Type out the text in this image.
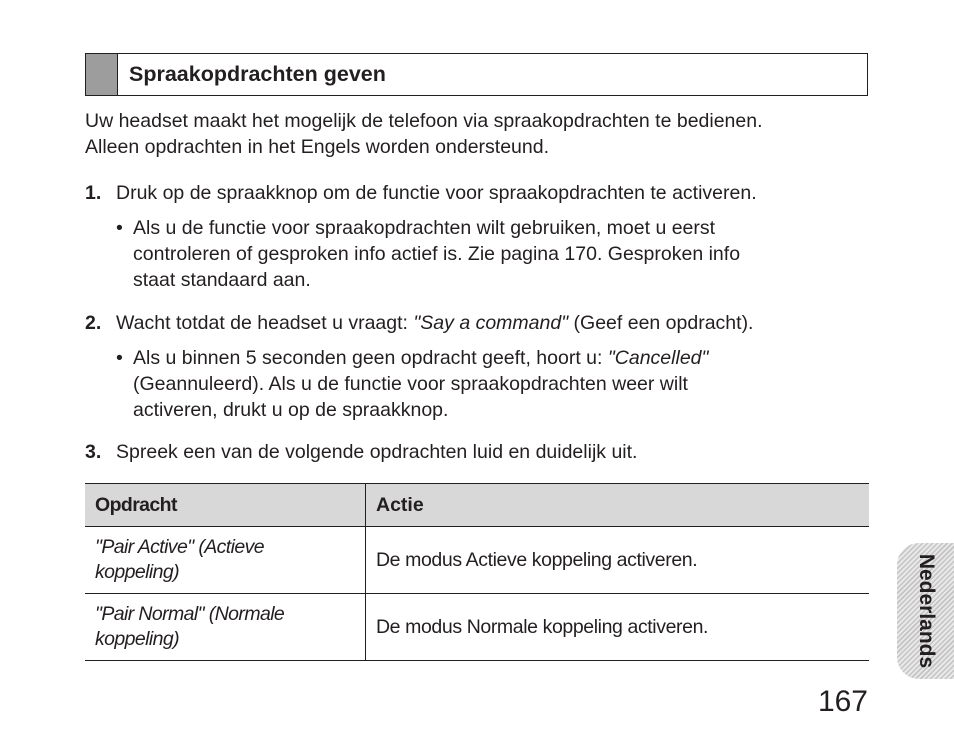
Spraakopdrachten geven
Uw headset maakt het mogelijk de telefoon via spraakopdrachten te bedienen.
Alleen opdrachten in het Engels worden ondersteund.
1. Druk op de spraakknop om de functie voor spraakopdrachten te activeren.
• Als u de functie voor spraakopdrachten wilt gebruiken, moet u eerst
controleren of gesproken info actief is. Zie pagina 170. Gesproken info
staat standaard aan.
2. Wacht totdat de headset u vraagt: "Say a command" (Geef een opdracht).
• Als u binnen 5 seconden geen opdracht geeft, hoort u: "Cancelled"
(Geannuleerd). Als u de functie voor spraakopdrachten weer wilt
activeren, drukt u op de spraakknop.
3. Spreek een van de volgende opdrachten luid en duidelijk uit.
Opdracht	Actie
"Pair Active" (Actieve
koppeling)	De modus Actieve koppeling activeren.
"Pair Normal" (Normale
koppeling)	De modus Normale koppeling activeren.	Nederlands
167
